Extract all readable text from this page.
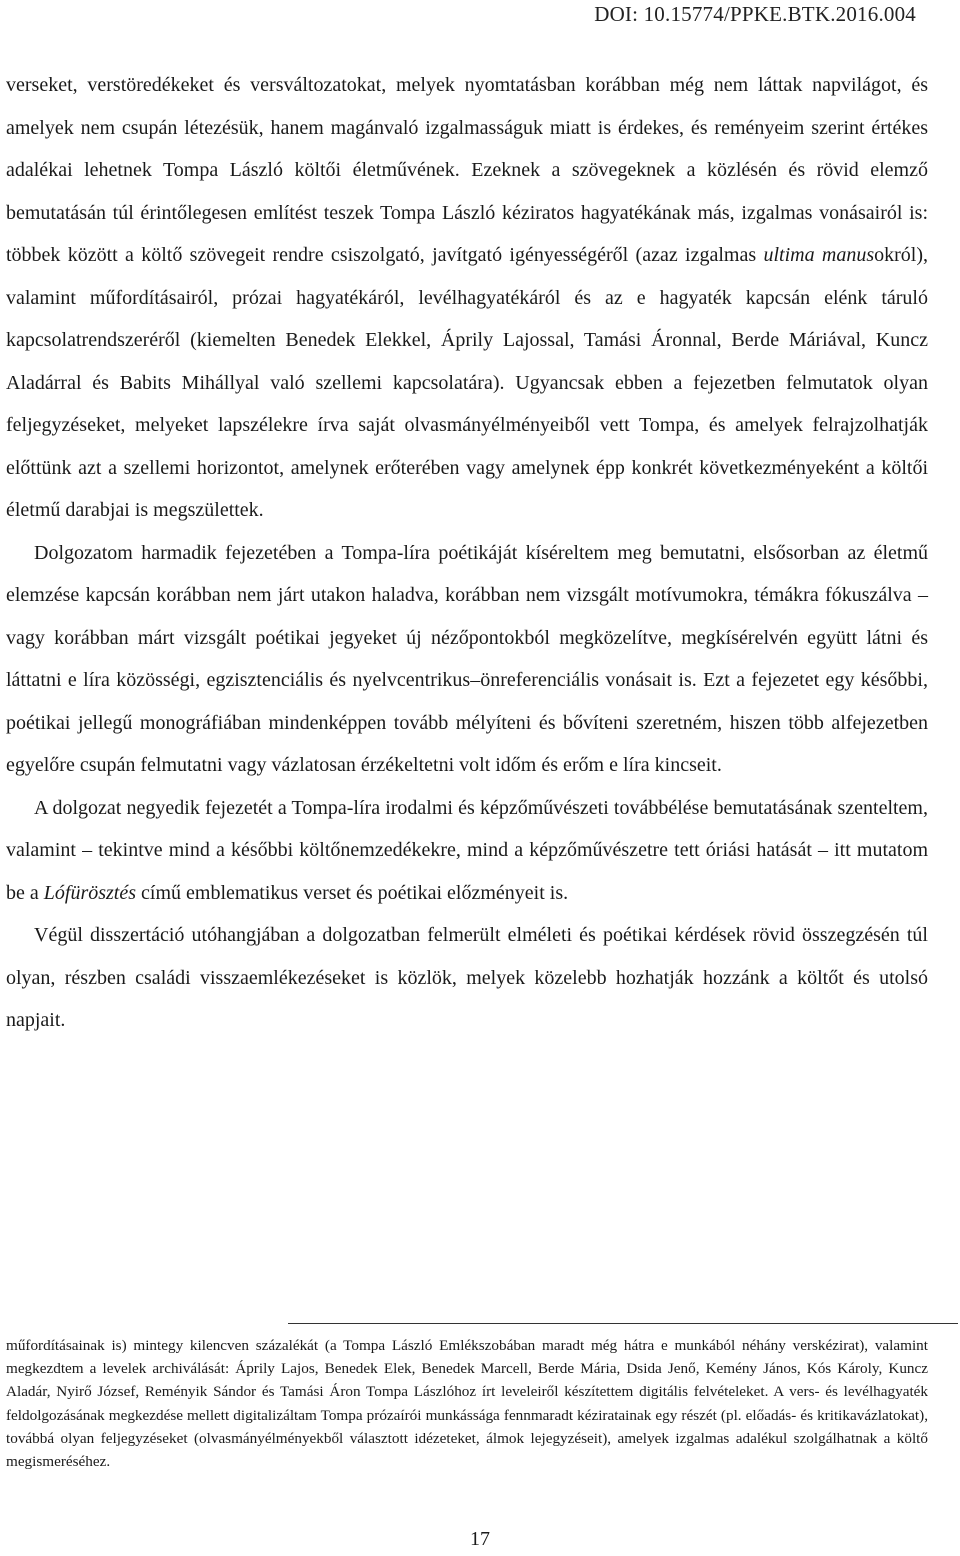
DOI: 10.15774/PPKE.BTK.2016.004

verseket, verstöredékeket és versváltozatokat, melyek nyomtatásban korábban még nem láttak napvilágot, és amelyek nem csupán létezésük, hanem magánvaló izgalmasságuk miatt is érdekes, és reményeim szerint értékes adalékai lehetnek Tompa László költői életművének. Ezeknek a szövegeknek a közlésén és rövid elemző bemutatásán túl érintőlegesen említést teszek Tompa László kéziratos hagyatékának más, izgalmas vonásairól is: többek között a költő szövegeit rendre csiszolgató, javítgató igényességéről (azaz izgalmas ultima manusokról), valamint műfordításairól, prózai hagyatékáról, levélhagyatékáról és az e hagyaték kapcsán elénk táruló kapcsolatrendszeréről (kiemelten Benedek Elekkel, Áprily Lajossal, Tamási Áronnal, Berde Máriával, Kuncz Aladárral és Babits Mihállyal való szellemi kapcsolatára). Ugyancsak ebben a fejezetben felmutatok olyan feljegyzéseket, melyeket lapszélekre írva saját olvasmányélményeiből vett Tompa, és amelyek felrajzolhatják előttünk azt a szellemi horizontot, amelynek erőterében vagy amelynek épp konkrét következményeként a költői életmű darabjai is megszülettek.

Dolgozatom harmadik fejezetében a Tompa-líra poétikáját kíséreltem meg bemutatni, elsősorban az életmű elemzése kapcsán korábban nem járt utakon haladva, korábban nem vizsgált motívumokra, témákra fókuszálva – vagy korábban márt vizsgált poétikai jegyeket új nézőpontokból megközelítve, megkísérelvén együtt látni és láttatni e líra közösségi, egzisztenciális és nyelvcentrikus–önreferenciális vonásait is. Ezt a fejezetet egy későbbi, poétikai jellegű monográfiában mindenképpen tovább mélyíteni és bővíteni szeretném, hiszen több alfejezetben egyelőre csupán felmutatni vagy vázlatosan érzékeltetni volt időm és erőm e líra kincseit.

A dolgozat negyedik fejezetét a Tompa-líra irodalmi és képzőművészeti továbbélése bemutatásának szenteltem, valamint – tekintve mind a későbbi költőnemzedékekre, mind a képzőművészetre tett óriási hatását – itt mutatom be a Lófürösztés című emblematikus verset és poétikai előzményeit is.

Végül disszertáció utóhangjában a dolgozatban felmerült elméleti és poétikai kérdések rövid összegzésén túl olyan, részben családi visszaemlékezéseket is közlök, melyek közelebb hozhatják hozzánk a költőt és utolsó napjait.

műfordításainak is) mintegy kilencven százalékát (a Tompa László Emlékszobában maradt még hátra e munkából néhány verskézirat), valamint megkezdtem a levelek archiválását: Áprily Lajos, Benedek Elek, Benedek Marcell, Berde Mária, Dsida Jenő, Kemény János, Kós Károly, Kuncz Aladár, Nyirő József, Reményik Sándor és Tamási Áron Tompa Lászlóhoz írt leveleiről készítettem digitális felvételeket. A vers- és levélhagyaték feldolgozásának megkezdése mellett digitalizáltam Tompa prózaírói munkássága fennmaradt kéziratainak egy részét (pl. előadás- és kritikavázlatokat), továbbá olyan feljegyzéseket (olvasmányélményekből választott idézeteket, álmok lejegyzéseit), amelyek izgalmas adalékul szolgálhatnak a költő megismeréséhez.

17
